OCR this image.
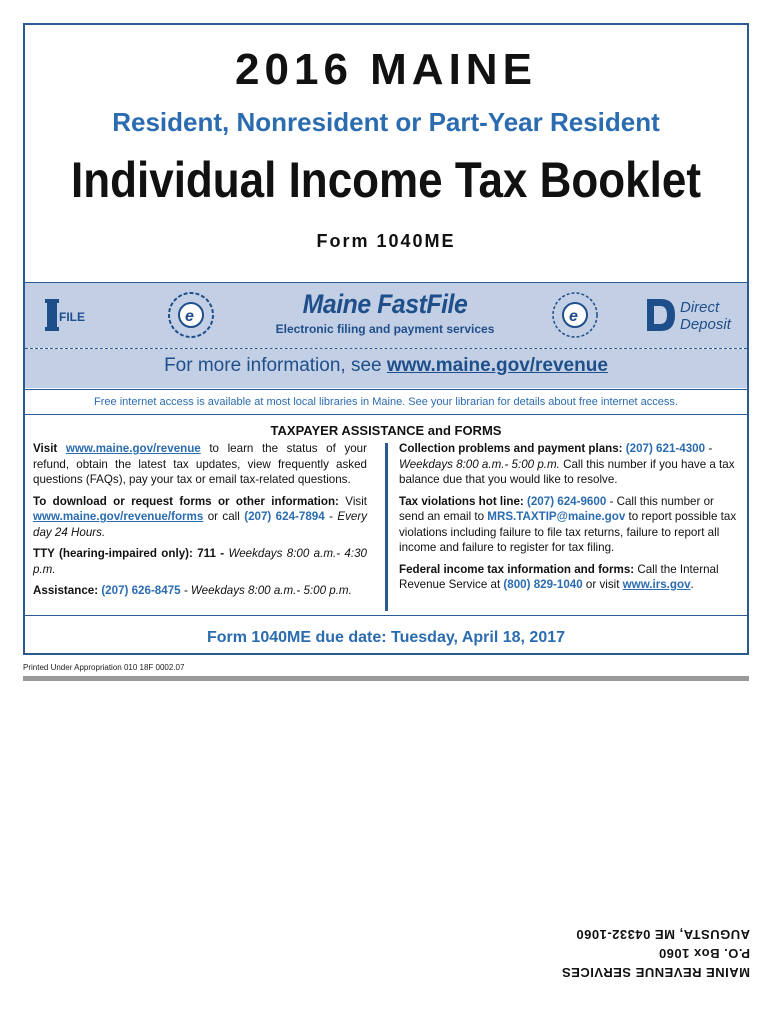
2016 MAINE
Resident, Nonresident or Part-Year Resident
Individual Income Tax Booklet
Form 1040ME
FILE	e	Maine FastFile
Electronic filing and payment services
e
Direct
Deposit
For more information, see www.maine.gov/revenue
Free internet access is available at most local libraries in Maine. See your librarian for details about free internet access.
TAXPAYER ASSISTANCE and FORMS

Visit www.maine.gov/revenue to learn the status of your refund, obtain the latest tax updates, view frequently asked questions (FAQs), pay your tax or email tax-related questions.

To download or request forms or other information: Visit www.maine.gov/revenue/forms or call (207) 624-7894 - Every day 24 Hours.

TTY (hearing-impaired only): 711 - Weekdays 8:00 a.m.- 4:30 p.m.

Assistance: (207) 626-8475 - Weekdays 8:00 a.m.- 5:00 p.m.

Collection problems and payment plans: (207) 621-4300 - Weekdays 8:00 a.m.- 5:00 p.m. Call this number if you have a tax balance due that you would like to resolve.

Tax violations hot line: (207) 624-9600 - Call this number or send an email to MRS.TAXTIP@maine.gov to report possible tax violations including failure to file tax returns, failure to report all income and failure to register for tax filing.

Federal income tax information and forms: Call the Internal Revenue Service at (800) 829-1040 or visit www.irs.gov.

Form 1040ME due date: Tuesday, April 18, 2017
Printed Under Appropriation 010 18F 0002.07
MAINE REVENUE SERVICES
P.O. Box 1060
AUGUSTA, ME 04332-1060
